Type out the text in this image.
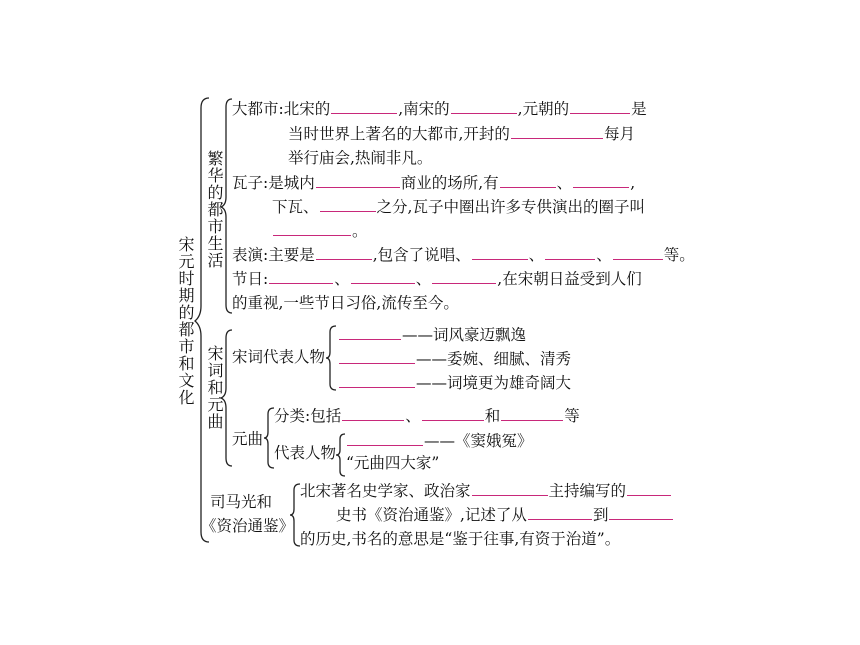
宋元时期的都市和文化
繁华的都市生活
大都市:北宋的	,南宋的	,元朝的	是
当时世界上著名的大都市,开封的	每月
举行庙会,热闹非凡。
瓦子:是城内	商业的场所,有	、	,
下瓦、	之分,瓦子中圈出许多专供演出的圈子叫
。
表演:主要是	,包含了说唱、	、	、	等。
节日:	、	、	,在宋朝日益受到人们
的重视,一些节日习俗,流传至今。
宋词和元曲 宋词代表人物
——词风豪迈飘逸
——委婉、细腻、清秀
——词境更为雄奇阔大
元曲
分类:包括	、	和	等
代表人物
——《窦娥冤》
“元曲四大家”
司马光和
《资治通鉴》
北宋著名史学家、政治家	主持编写的
史书《资治通鉴》,记述了从	到
的历史,书名的意思是“鉴于往事,有资于治道”。
